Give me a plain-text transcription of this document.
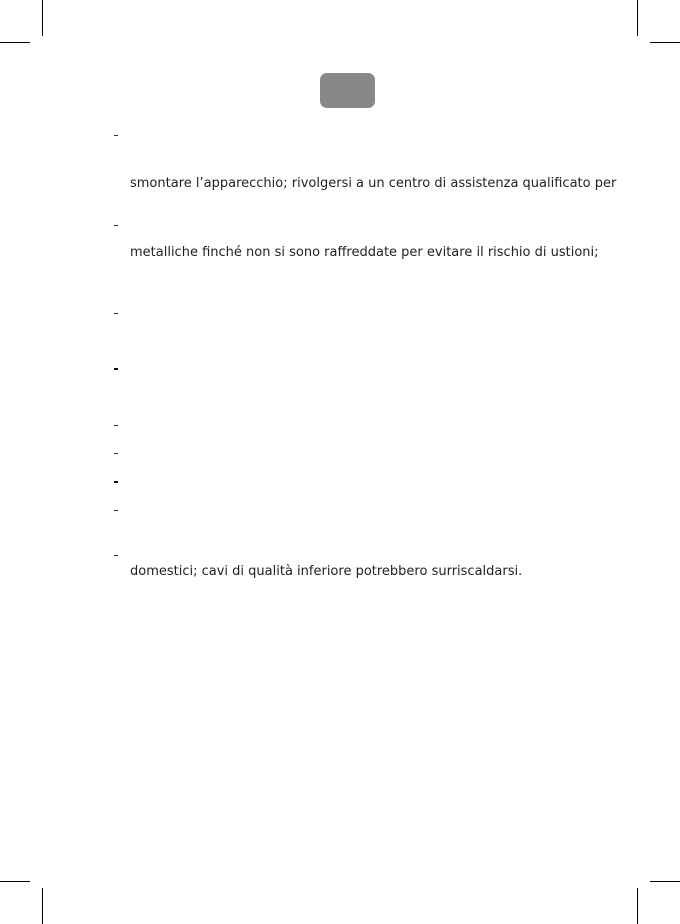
smontare l’apparecchio; rivolgersi a un centro di assistenza qualificato per
metalliche finché non si sono raffreddate per evitare il rischio di ustioni;
domestici; cavi di qualità inferiore potrebbero surriscaldarsi.
